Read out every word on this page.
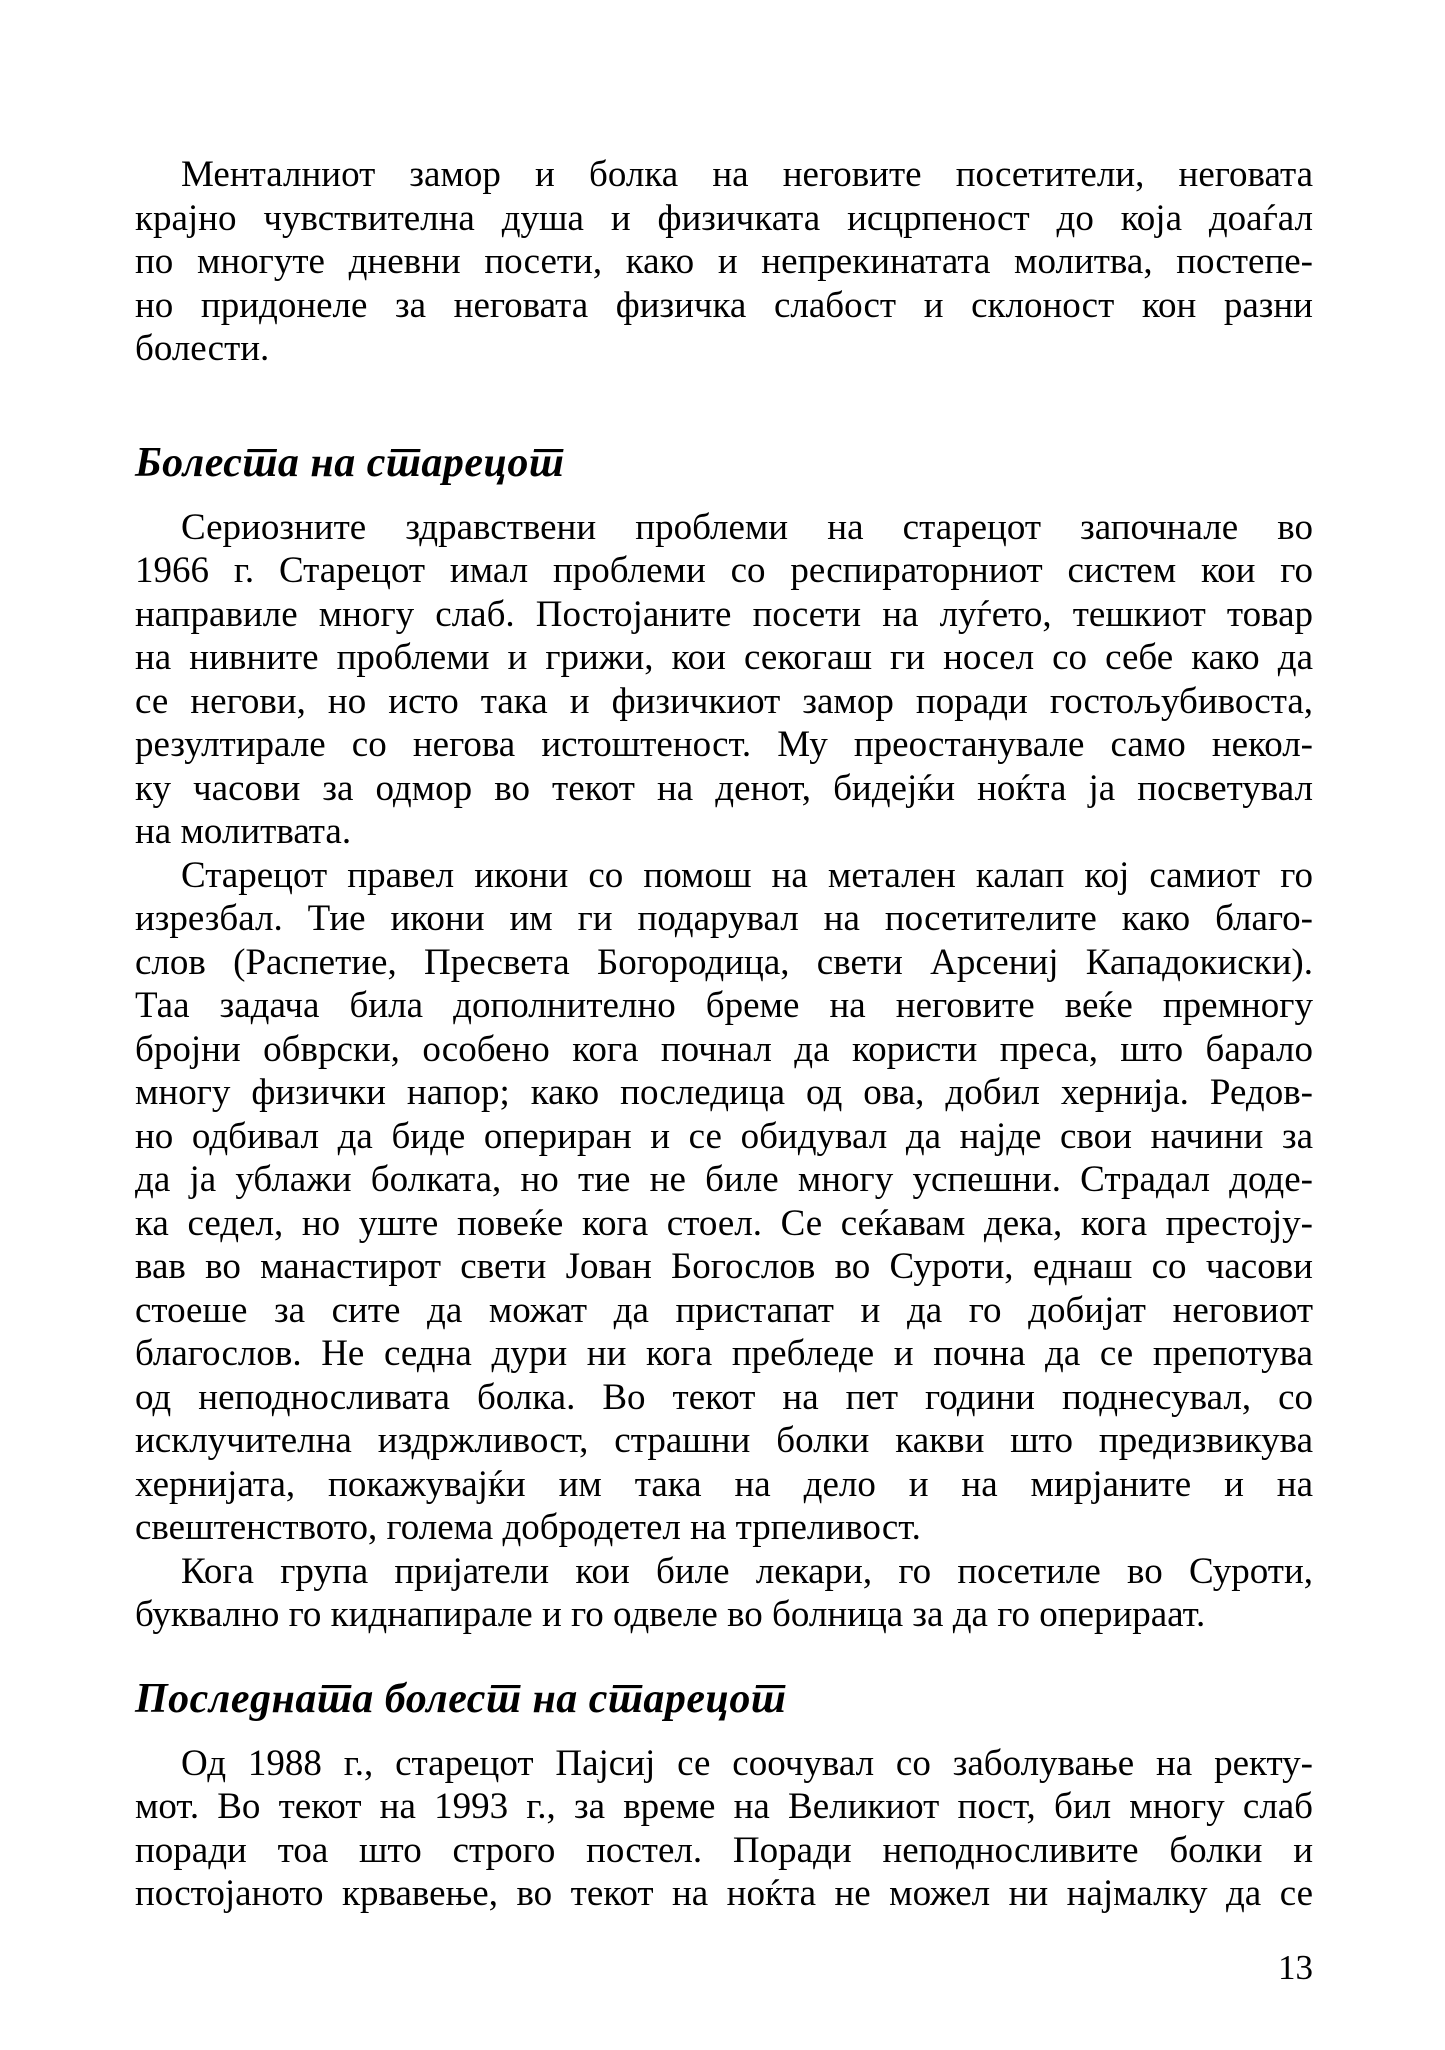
Менталниот замор и болка на неговите посетители, неговата
крајно чувствителна душа и физичката исцрпеност до која доаѓал
по многуте дневни посети, како и непрекинатата молитва, постепе-
но придонеле за неговата физичка слабост и склоност кон разни
болести.
Болеста на старецот
Сериозните здравствени проблеми на старецот започнале во
1966 г. Старецот имал проблеми со респираторниот систем кои го
направиле многу слаб. Постојаните посети на луѓето, тешкиот товар
на нивните проблеми и грижи, кои секогаш ги носел со себе како да
се негови, но исто така и физичкиот замор поради гостољубивоста,
резултирале со негова истоштеност. Му преостанувале само некол-
ку часови за одмор во текот на денот, бидејќи ноќта ја посветувал
на молитвата.
Старецот правел икони со помош на метален калап кој самиот го
изрезбал. Тие икони им ги подарувал на посетителите како благо-
слов (Распетие, Пресвета Богородица, свети Арсениј Кападокиски).
Таа задача била дополнително бреме на неговите веќе премногу
бројни обврски, особено кога почнал да користи преса, што барало
многу физички напор; како последица од ова, добил хернија. Редов-
но одбивал да биде опериран и се обидувал да најде свои начини за
да ја ублажи болката, но тие не биле многу успешни. Страдал доде-
ка седел, но уште повеќе кога стоел. Се сеќавам дека, кога престоју-
вав во манастирот свети Јован Богослов во Суроти, еднаш со часови
стоеше за сите да можат да пристапат и да го добијат неговиот
благослов. Не седна дури ни кога пребледе и почна да се препотува
од неподносливата болка. Во текот на пет години поднесувал, со
исклучителна издржливост, страшни болки какви што предизвикува
хернијата, покажувајќи им така на дело и на мирјаните и на
свештенството, голема добродетел на трпеливост.
Кога група пријатели кои биле лекари, го посетиле во Суроти,
буквално го киднапирале и го одвеле во болница за да го оперираат.
Последната болест на старецот
Од 1988 г., старецот Пајсиј се соочувал со заболување на ректу-
мот. Во текот на 1993 г., за време на Великиот пост, бил многу слаб
поради тоа што строго постел. Поради неподносливите болки и
постојаното крвавење, во текот на ноќта не можел ни најмалку да се
13
